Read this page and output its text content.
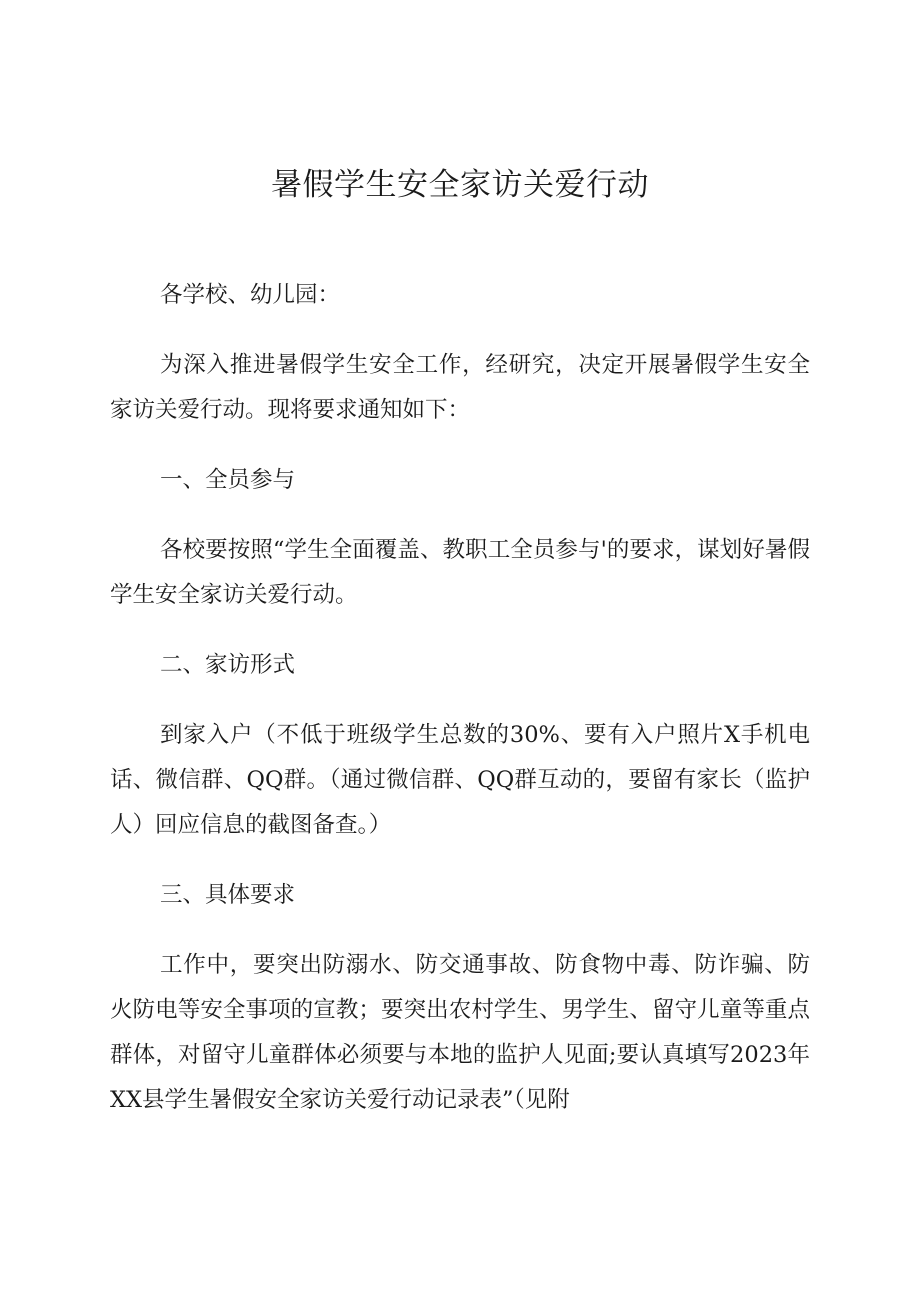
暑假学生安全家访关爱行动

各学校、幼儿园：

为深入推进暑假学生安全工作，经研究，决定开展暑假学生安全家访关爱行动。现将要求通知如下：

一、全员参与

各校要按照“学生全面覆盖、教职工全员参与'的要求，谋划好暑假学生安全家访关爱行动。

二、家访形式

到家入户（不低于班级学生总数的30%、要有入户照片X手机电话、微信群、QQ群。（通过微信群、QQ群互动的，要留有家长（监护人）回应信息的截图备查。）

三、具体要求

工作中，要突出防溺水、防交通事故、防食物中毒、防诈骗、防火防电等安全事项的宣教；要突出农村学生、男学生、留守儿童等重点群体，对留守儿童群体必须要与本地的监护人见面;要认真填写2023年XX县学生暑假安全家访关爱行动记录表”（见附
